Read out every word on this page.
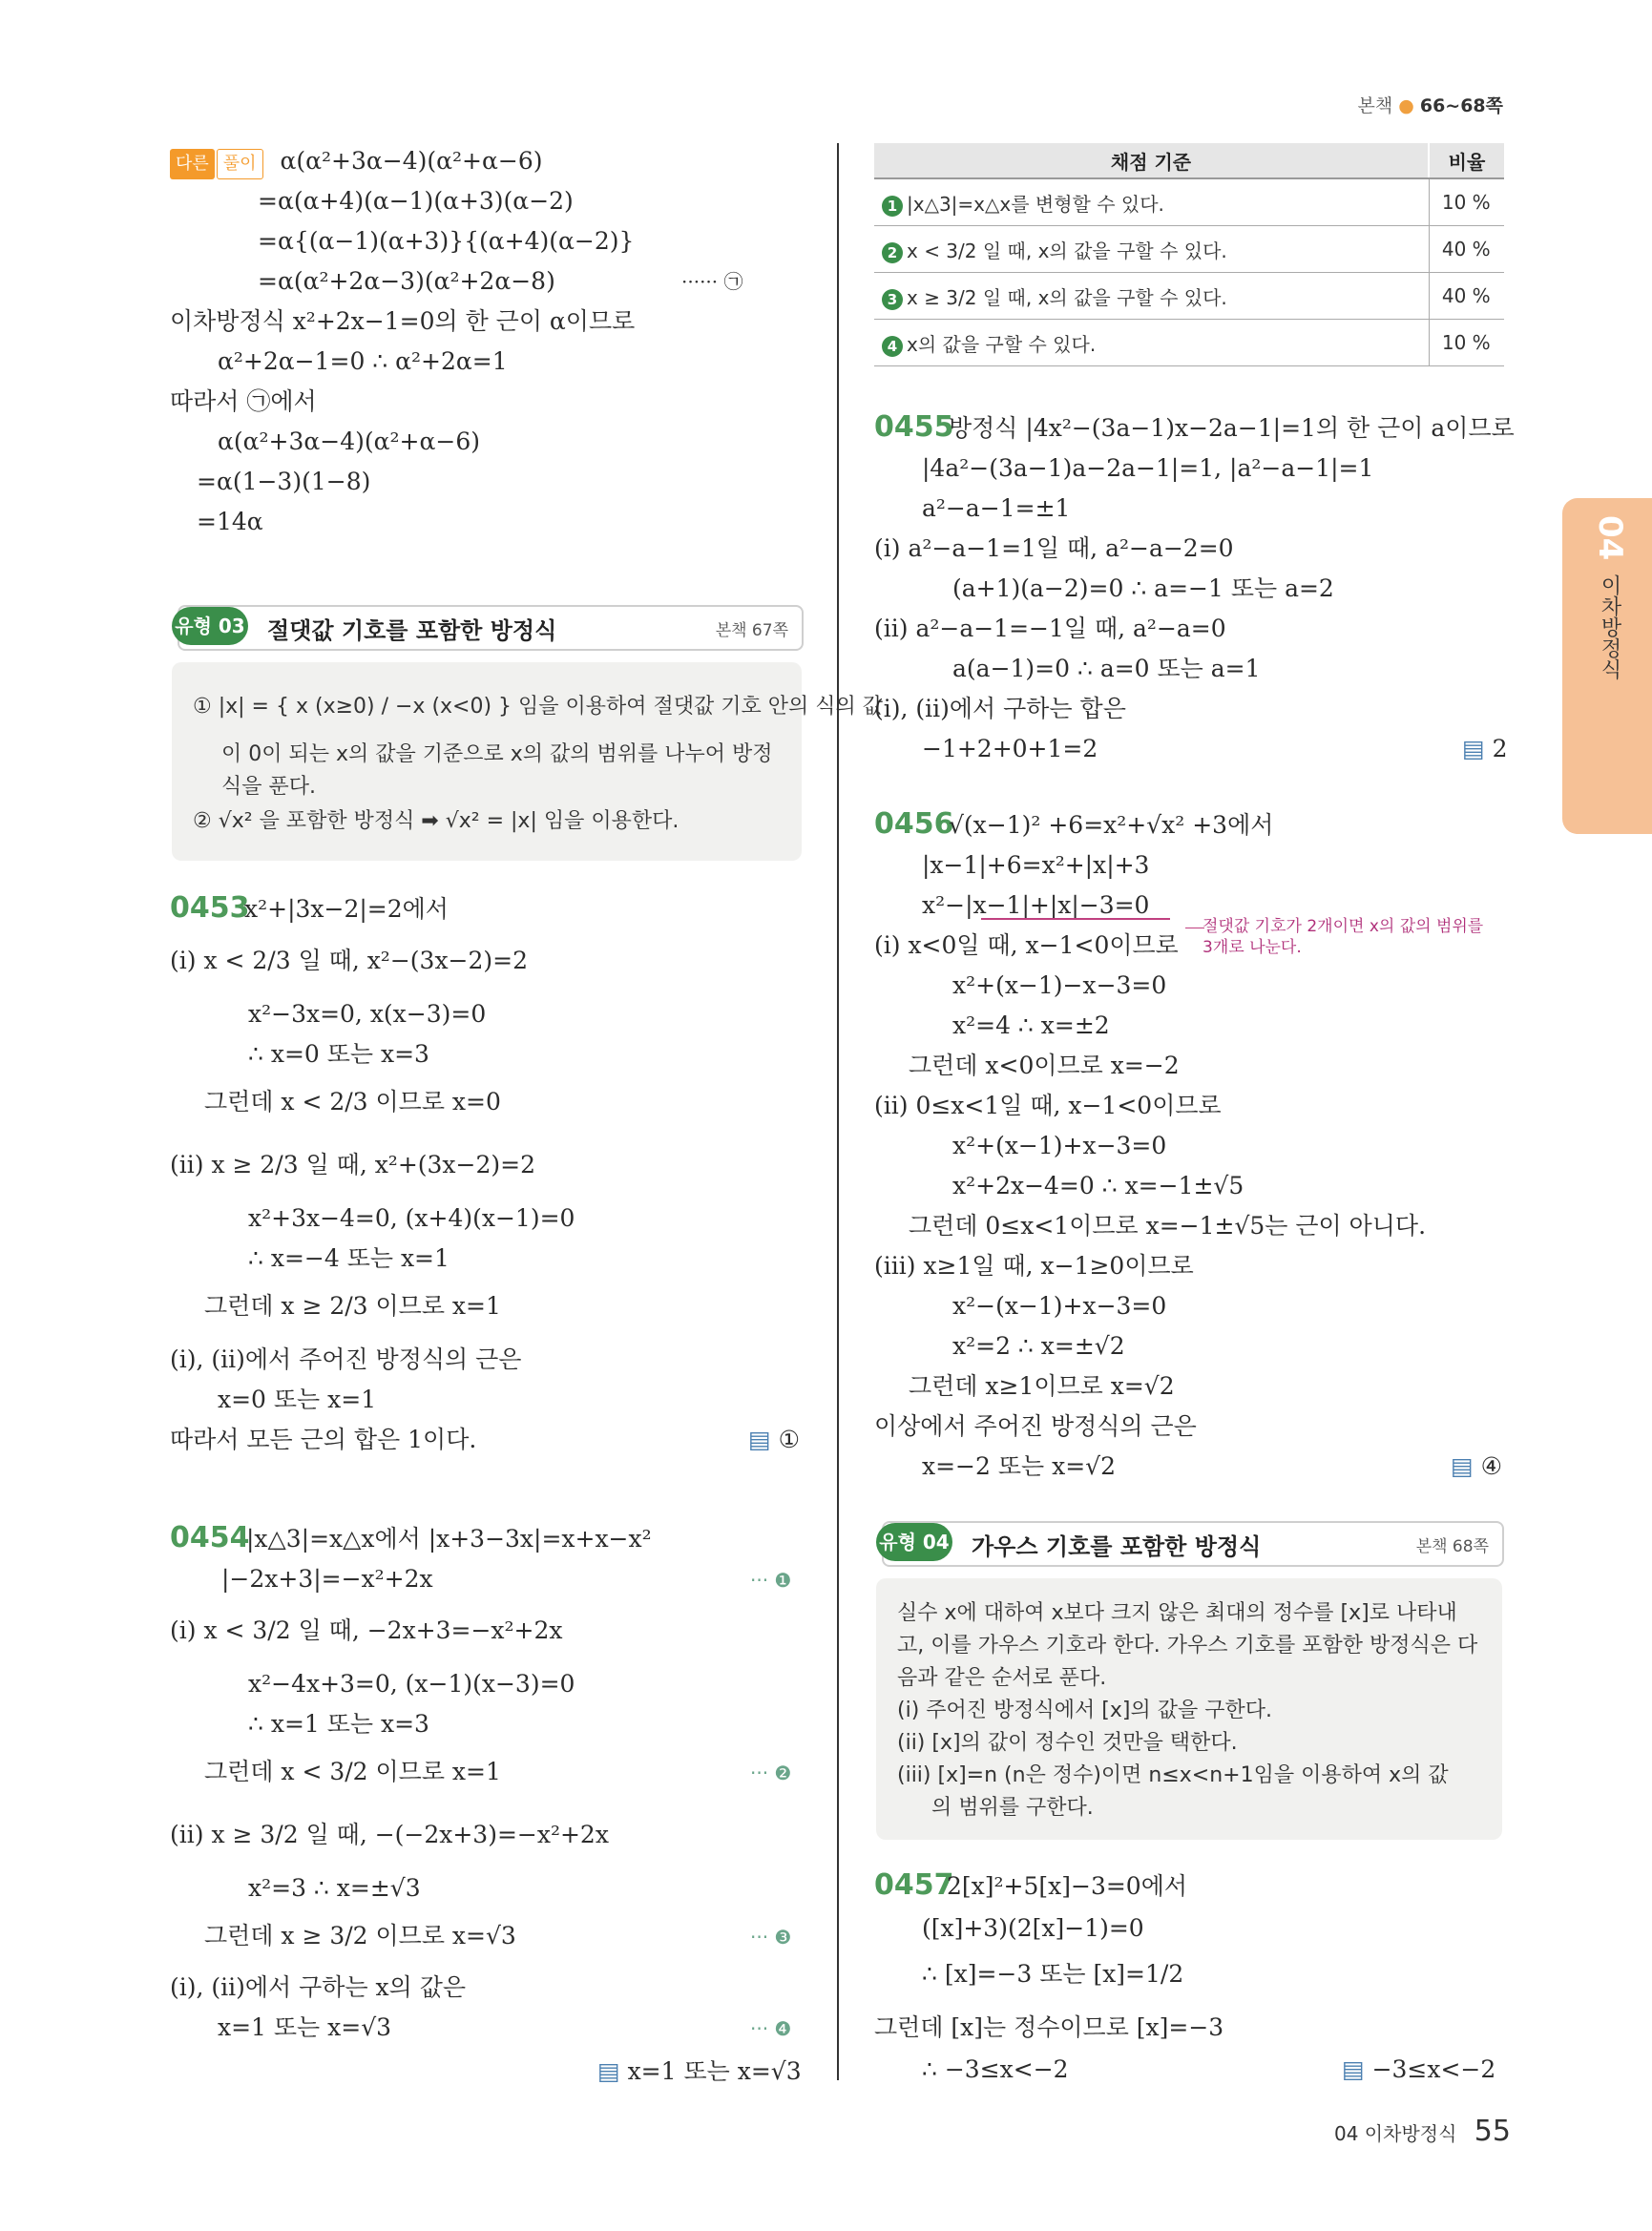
본책 ● 66~68쪽
04
이차방정식
다른 풀이 α(α²+3α−4)(α²+α−6)
=α(α+4)(α−1)(α+3)(α−2)
=α{(α−1)(α+3)}{(α+4)(α−2)}
=α(α²+2α−3)(α²+2α−8)	······ ㉠
이차방정식 x²+2x−1=0의 한 근이 α이므로
α²+2α−1=0 ∴ α²+2α=1
따라서 ㉠에서
α(α²+3α−4)(α²+α−6)
=α(1−3)(1−8)
=14α
유형 03 절댓값 기호를 포함한 방정식	본책 67쪽
① |x| = { x (x≥0) / −x (x<0) } 임을 이용하여 절댓값 기호 안의 식의 값
이 0이 되는 x의 값을 기준으로 x의 값의 범위를 나누어 방정
식을 푼다.
② √x² 을 포함한 방정식 ➡ √x² = |x| 임을 이용한다.
0453
x²+|3x−2|=2에서
(i) x < 2/3 일 때, x²−(3x−2)=2
x²−3x=0, x(x−3)=0
∴ x=0 또는 x=3
그런데 x < 2/3 이므로 x=0
(ii) x ≥ 2/3 일 때, x²+(3x−2)=2
x²+3x−4=0, (x+4)(x−1)=0
∴ x=−4 또는 x=1
그런데 x ≥ 2/3 이므로 x=1
(i), (ii)에서 주어진 방정식의 근은
x=0 또는 x=1
따라서 모든 근의 합은 1이다.	▤ ①
0454
|x△3|=x△x에서 |x+3−3x|=x+x−x²
|−2x+3|=−x²+2x	··· ❶
(i) x < 3/2 일 때, −2x+3=−x²+2x
x²−4x+3=0, (x−1)(x−3)=0
∴ x=1 또는 x=3
그런데 x < 3/2 이므로 x=1	··· ❷
(ii) x ≥ 3/2 일 때, −(−2x+3)=−x²+2x
x²=3 ∴ x=±√3
그런데 x ≥ 3/2 이므로 x=√3	··· ❸
(i), (ii)에서 구하는 x의 값은
x=1 또는 x=√3	··· ❹
▤ x=1 또는 x=√3
채점 기준	비율
1 |x△3|=x△x를 변형할 수 있다.	10 %
2 x < 3/2 일 때, x의 값을 구할 수 있다.	40 %
3 x ≥ 3/2 일 때, x의 값을 구할 수 있다.	40 %
4 x의 값을 구할 수 있다.	10 %
0455
방정식 |4x²−(3a−1)x−2a−1|=1의 한 근이 a이므로
|4a²−(3a−1)a−2a−1|=1, |a²−a−1|=1
a²−a−1=±1
(i) a²−a−1=1일 때, a²−a−2=0
(a+1)(a−2)=0 ∴ a=−1 또는 a=2
(ii) a²−a−1=−1일 때, a²−a=0
a(a−1)=0 ∴ a=0 또는 a=1
(i), (ii)에서 구하는 합은
−1+2+0+1=2	▤ 2
0456
√(x−1)² +6=x²+√x² +3에서
|x−1|+6=x²+|x|+3
x²−|x−1|+|x|−3=0
(i) x<0일 때, x−1<0이므로
절댓값 기호가 2개이면 x의 값의 범위를
3개로 나눈다.
x²+(x−1)−x−3=0
x²=4 ∴ x=±2
그런데 x<0이므로 x=−2
(ii) 0≤x<1일 때, x−1<0이므로
x²+(x−1)+x−3=0
x²+2x−4=0 ∴ x=−1±√5
그런데 0≤x<1이므로 x=−1±√5는 근이 아니다.
(iii) x≥1일 때, x−1≥0이므로
x²−(x−1)+x−3=0
x²=2 ∴ x=±√2
그런데 x≥1이므로 x=√2
이상에서 주어진 방정식의 근은
x=−2 또는 x=√2	▤ ④
유형 04 가우스 기호를 포함한 방정식	본책 68쪽
실수 x에 대하여 x보다 크지 않은 최대의 정수를 [x]로 나타내
고, 이를 가우스 기호라 한다. 가우스 기호를 포함한 방정식은 다
음과 같은 순서로 푼다.
(i) 주어진 방정식에서 [x]의 값을 구한다.
(ii) [x]의 값이 정수인 것만을 택한다.
(iii) [x]=n (n은 정수)이면 n≤x<n+1임을 이용하여 x의 값
의 범위를 구한다.
0457
2[x]²+5[x]−3=0에서
([x]+3)(2[x]−1)=0
∴ [x]=−3 또는 [x]=1/2
그런데 [x]는 정수이므로 [x]=−3
∴ −3≤x<−2	▤ −3≤x<−2
04 이차방정식 55
